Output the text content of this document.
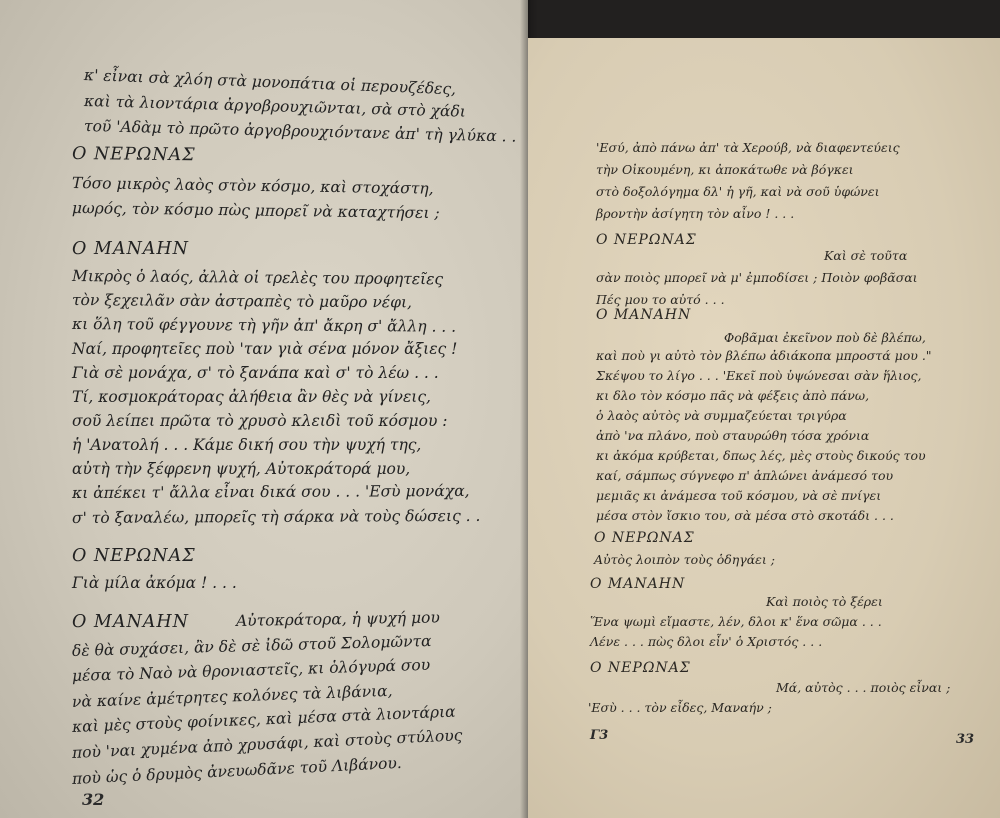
κ' εἶναι σὰ χλόη στὰ μονοπάτια οἱ πεpουζέδες,
καὶ τὰ λιοντάρια ἀργοβρουχιῶνται, σὰ στὸ χάδι
τοῦ 'Αδὰμ τὸ πρῶτο ἀργοβρουχιόντανε ἀπ' τὴ γλύκα . .
Ο ΝΕΡΩΝΑΣ
Τόσο μικρὸς λαὸς στὸν κόσμο, καὶ στοχάστη,
μωρός, τὸν κόσμο πὼς μπορεῖ νὰ καταχτήσει ;
Ο ΜΑΝΑΗΝ
Μικρὸς ὁ λαός, ἀλλὰ οἱ τρελὲς του προφητεῖες
τὸν ξεχειλᾶν σὰν ἀστραπὲς τὸ μαῦρο νέφι,
κι ὅλη τοῦ φέγγουνε τὴ γῆν ἀπ' ἄκρη σ' ἄλλη . . .
Ναί, προφητεῖες ποὺ 'ταν γιὰ σένα μόνον ἄξιες !
Γιὰ σὲ μονάχα, σ' τὸ ξανάπα καὶ σ' τὸ λέω . . .
Τί, κοσμοκράτορας ἀλήθεια ἂν θὲς νὰ γίνεις,
σοῦ λείπει πρῶτα τὸ χρυσὸ κλειδὶ τοῦ κόσμου :
ἡ 'Ανατολή . . . Κάμε δική σου τὴν ψυχή της,
αὐτὴ τὴν ξέφρενη ψυχή, Αὐτοκράτορά μου,
κι ἀπέκει τ' ἄλλα εἶναι δικά σου . . . 'Εσὺ μονάχα,
σ' τὸ ξαναλέω, μπορεῖς τὴ σάρκα νὰ τοὺς δώσεις . .
Ο ΝΕΡΩΝΑΣ
Γιὰ μίλα ἀκόμα ! . . .
Ο ΜΑΝΑΗΝ	Αὐτοκράτορα, ἡ ψυχή μου
δὲ θὰ συχάσει, ἂν δὲ σὲ ἰδῶ στοῦ Σολομῶντα
μέσα τὸ Ναὸ νὰ θρονιαστεῖς, κι ὁλόγυρά σου
νὰ καίνε ἀμέτρητες κολόνες τὰ λιβάνια,
καὶ μὲς στοὺς φοίνικες, καὶ μέσα στὰ λιοντάρια
ποὺ 'ναι χυμένα ἀπὸ χρυσάφι, καὶ στοὺς στύλους
ποὺ ὡς ὁ δρυμὸς ἀνευωδᾶνε τοῦ Λιβάνου.
32
'Εσύ, ἀπὸ πάνω ἀπ' τὰ Χερούβ, νὰ διαφεντεύεις
τὴν Οἰκουμένη, κι ἀποκάτωθε νὰ βόγκει
στὸ δοξολόγημα δλ' ἡ γῆ, καὶ νὰ σοῦ ὑφώνει
βροντὴν ἀσίγητη τὸν αἶνο ! . . .
Ο ΝΕΡΩΝΑΣ
Καὶ σὲ τοῦτα
σὰν ποιὸς μπορεῖ νὰ μ' ἐμποδίσει ; Ποιὸν φοβᾶσαι
Πές μου το αὐτό . . .
Ο ΜΑΝΑΗΝ
Φοβᾶμαι ἐκεῖνον ποὺ δὲ βλέπω,
καὶ ποὺ γι αὐτὸ τὸν βλέπω ἀδιάκοπα μπροστά μου ."
Σκέψου το λίγο . . . 'Εκεῖ ποὺ ὑψώνεσαι σὰν ἥλιος,
κι δλο τὸν κόσμο πᾶς νὰ φέξεις ἀπὸ πάνω,
ὁ λαὸς αὐτὸς νὰ συμμαζεύεται τριγύρα
ἀπὸ 'να πλάνο, ποὺ σταυρώθη τόσα χρόνια
κι ἀκόμα κρύβεται, δπως λές, μὲς στοὺς δικούς του
καί, σάμπως σύγνεφο π' ἁπλώνει ἀνάμεσό του
μεμιᾶς κι ἀνάμεσα τοῦ κόσμου, νὰ σὲ πνίγει
μέσα στὸν ἴσκιο του, σὰ μέσα στὸ σκοτάδι . . .
Ο ΝΕΡΩΝΑΣ
Αὐτὸς λοιπὸν τοὺς ὁδηγάει ;
Ο ΜΑΝΑΗΝ
Καὶ ποιὸς τὸ ξέρει
Ἕνα ψωμὶ εἴμαστε, λέν, δλοι κ' ἕνα σῶμα . . .
Λένε . . . πὼς δλοι εἶν' ὁ Χριστός . . .
Ο ΝΕΡΩΝΑΣ
Μά, αὐτὸς . . . ποιὸς εἶναι ;
'Εσὺ . . . τὸν εἶδες, Μαναήν ;
Γ3	33
